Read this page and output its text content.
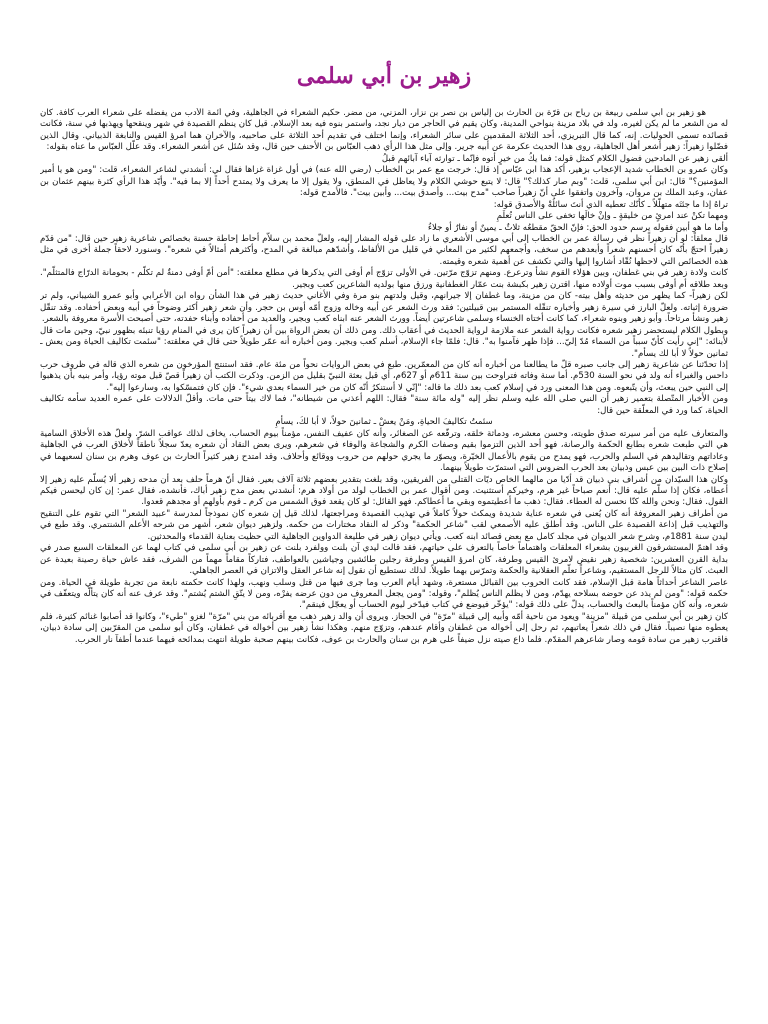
زهير بن أبي سلمى

هو زهير بن أبي سلمى ربيعة بن رياح بن قرّة بن الحارث بن إلياس بن نصر بن نزار، المزني، من مضر. حكيم الشعراء في الجاهلية، وفي أئمة الأدب من يفضله على شعراء العرب كافة. كان له من الشعر ما لم يكن لغيره، ولد في بلاد مزينة بنواحي المدينة، وكان يقيم في الحاجر من ديار نجد، واستمر بنوه فيه بعد الإسلام. قيل كان ينظم القصيدة في شهر وينقحها ويهذبها في سنة، فكانت قصائده تسمى الحوليات. إنه، كما قال التبريزي، أحد الثلاثة المقدمين على سائر الشعراء، وإنما اختلف في تقديم أحد الثلاثة على صاحبيه، والآخران هما امرؤ القيس والنابغة الذبياني. وقال الذين فضّلوا زهيراً: زهير أشعر أهل الجاهلية، روى هذا الحديث عكرمة عن أبيه جرير. وإلى مثل هذا الرأي ذهب العبّاس بن الأحنف حين قال، وقد سُئل عن أشعر الشعراء. وقد علّل العبّاس ما عناه بقوله:

ألقى زهير عن المادحين فضول الكلام كمثل قوله: فما يكُ من خيرٍ أتوه فإنّما ـ توارثه آباء آبائهم قبلُ

وكان عمرو بن الخطاب شديد الإعجاب بزهير، أكد هذا ابن عبّاس إذ قال: خرجت مع عمر بن الخطاب (رضي الله عنه) في أول غزاة غزاها فقال لي: أنشدني لشاعر الشعراء، قلت: "ومن هو يا أمير المؤمنين؟" قال: ابن أبي سلمى، قلت: "وبم صار كذلك؟" قال: لا يتبع حوشي الكلام ولا يعاظل في المنطق، ولا يقول إلا ما يعرف ولا يمتدح أحداً إلا بما فيه". وأيّد هذا الرأي كثرة بينهم عثمان بن عفان، وعبد الملك بن مروان، وآخرون واتفقوا على أنّ زهيراً صاحب "مدح بيت... وأصدق بيت... وأبين بيت". فالأمدح قوله:

تراهُ إذا ما جئتَه متهلّلاً ـ كأنّك تعطيه الذي أنتَ سائلُهْ والأصدق قوله:

ومهما تكنْ عند امرئٍ من خليقةٍ ـ وإنْ خالَها تخفى على الناس تُعلَمِ

وأما ما هو أبين فقوله يرسم حدود الحق: فإنّ الحقّ مقطعُه ثلاثٌ ـ يمينٌ أو نفارٌ أو جلاءُ

قال معلقاً: لو أن زهيراً نظر في رسالة عمر بن الخطاب إلى أبي موسى الأشعري ما زاد على قوله المشار إليه، ولعلّ محمد بن سلاّم أحاط إحاطة حسنة بخصائص شاعرية زهير حين قال: "من قدّم زهيراً احتجّ بأنّه كان أحسنهم شعراً وأبعدهم من سخف، وأجمعهم لكثير من المعاني في قليل من الألفاظ، وأشدّهم مبالغة في المدح، وأكثرهم أمثالاً في شعره". وسنورد لاحقاً جملة أخرى في مثل هذه الخصائص التي لاحظها نُقّاد أشاروا إليها والتي تكشف عن أهمية شعره وقيمته.

كانت ولادة زهير في بني غطفان، وبين هؤلاء القوم نشأ وترعرع. ومنهم تزوّج مرّتين. في الأولى تزوّج أم أوفى التي يذكرها في مطلع معلقته: "أمن أمّ أوفى دمنةٌ لم تكلّم - بحومانة الدرّاج فالمتثلّم". وبعد طلاقه أم أوفى بسبب موت أولاده منها، اقترن زهير بكبشة بنت عمّار الغطفانية ورزق منها بولديه الشاعرين كعب وبجير.

لكن زهيراً- كما يظهر من حديثه وأهل بيته- كان من مزينة، وما غطفان إلا جيرانهم، وقيل ولدتهم بنو مرة وفي الأغاني حديث زهير في هذا الشأن رواه ابن الأعرابي وأبو عمرو الشيباني، ولم تر ضرورة إثباته. ولعلّ البارز في سيرة زهير وأخباره تنقّله المستمر بين قبيلتين: فقد ورث الشعر عن أبيه وخاله وزوج أمّه أوس بن حجر. وأن شعر زهير أكثر وضوحاً في أبيه وبعض أحفاده. وقد تنقّل زهير ونشأ مرتاحاً. وأبو زهير وبنوه شعراء، كما كانت أختاه الخنساء وسلمى شاعرتين أيضاً. وورث الشعر عنه ابناه كعب وبجير، والعديد من أحفاده وأبناء حفدته، حتى أصبحت الأسرة معروفة بالشعر.

وبطول الكلام ليستحضر زهير شعره فكانت رواية الشعر عنه ملازمة لرواية الحديث في أعقاب ذلك. ومن ذلك أن بعض الرواة بين أن زهيراً كان يرى في المنام رؤيا تنبئه بظهور نبيّ، وحين مات قال لأبنائه: "إني رأيت كأنّ سبباً من السماء مُدّ إليّ... فإذا ظهر فآمنوا به". قال: فلمّا جاء الإسلام، أسلم كعب وبجير. ومن أخباره أنه عمّر طويلاً حتى قال في معلقته: "سئمت تكاليف الحياة ومن يعش ـ ثمانين حولاً لا أبا لك يسأم".

إذا تحدّثنا عن شاعرية زهير إلى جانب صبره قلّ ما يطالعنا من أخباره أنه كان من المعمّرين. طبع في بعض الروايات نحواً من مئة عام. فقد استنتج المؤرخون من شعره الذي قاله في ظروف حرب داحس والغبراء أنه ولد في نحو السنة 530م. أما سنة وفاته فتراوحت بين سنة 611م أو 627م، أي قبل بعثة النبيّ بقليل من الزمن. وذكرت الكتب أن زهيراً قصّ قبل موته رؤيا، وأمر بنيه بأن يذهبوا إلى النبي حين يبعث، وأن يتّبعوه. ومن هذا المعنى ورد في إسلام كعب بعد ذلك ما قاله: "إنّي لا أستنكرُ أنّه كان من خير السماء بعدي شيء". فإن كان فتمسّكوا به، وسارعوا إليه".

ومن الأخبار المتّصلة بتعمير زهير أن النبي صلى الله عليه وسلم نظر إليه "وله مائة سنة" فقال: اللهم أعذني من شيطانه"، فما لاك بيتاً حتى مات. وأقلّ الدلالات على عمره العديد سأمه تكاليف الحياة، كما ورد في المعلّقة حين قال:

سئمتُ تكاليفَ الحياةِ، ومَنْ يعشْ ـ ثمانينَ حولاً، لا أبا لكَ، يسأمِ

والمتعارف عليه من أمر سيرته صدق طويته، وحسن معشره، ودماثة خلقه، وترفّعه عن الصغائر، وأنه كان عفيف النفس، مؤمناً بيوم الحساب، يخاف لذلك عواقب الشرّ. ولعلّ هذه الأخلاق السامية هي التي طبعت شعره بطابع الحكمة والرصانة، فهو أحد الذين التزموا بقيم وصفات الكرم والشجاعة والوفاء في شعرهم، ويرى بعض النقاد أن شعره يعدّ سجلاً ناطقاً لأخلاق العرب في الجاهلية وعاداتهم وتقاليدهم في السلم والحرب، فهو يمدح من يقوم بالأعمال الخيّرة، ويصوّر ما يجري حولهم من حروب ووقائع وأحلاف. وقد امتدح زهير كثيراً الحارث بن عوف وهرم بن سنان لسعيهما في إصلاح ذات البين بين عبس وذبيان بعد الحرب الضروس التي استمرّت طويلاً بينهما.

وكان هذا السيّدان من أشراف بني ذبيان قد أدّيا من مالهما الخاص ديّات القتلى من الفريقين، وقد بلغت بتقدير بعضهم ثلاثة آلاف بعير. فقال أنّ هرماً حلف بعد أن مدحه زهير ألا يُسلّم عليه زهير إلا أعطاه، فكان إذا سلّم عليه قال: أنعم صباحاً غير هرم، وخيركم أستثنيت. ومن أقوال عمر بن الخطاب لولد من أولاد هرم: أنشدني بعض مدح زهير أباك، فأنشده، فقال عمر: إن كان ليحسن فيكم القول. فقال: ونحن والله كنّا نحسن له العطاء. فقال: ذهب ما أعطيتموه وبقي ما أعطاكم. فهو القائل: لو كان يقعد فوق الشمس من كرم ـ قوم بأولهم أو مجدهم قعدوا.

من أطراف زهير المعروفة أنه كان يُعنى في شعره عناية شديدة ويمكث حولاً كاملاً في تهذيب القصيدة ومراجعتها، لذلك قيل إن شعره كان نموذجاً لمدرسة "عبيد الشعر" التي تقوم على التنقيح والتهذيب قبل إذاعة القصيدة على الناس. وقد أطلق عليه الأصمعي لقب "شاعر الحكمة" وذكر له النقاد مختارات من حكمه. ولزهير ديوان شعر، أشهر من شرحه الأعلم الشنتمري. وقد طبع في ليدن سنة 1881م، وشرح شعر الديوان في مجلد كامل مع بعض قصائد ابنه كعب. ويأتي ديوان زهير في طليعة الدواوين الجاهلية التي حظيت بعناية القدماء والمحدثين.

وقد اهتمّ المستشرقون الغربيون بشعراء المعلقات واهتماماً خاصاً بالتعرف على حياتهم، فقد قالت ليدي آن بلنت وولفرد بلنت عن زهير بن أبي سلمى في كتاب لهما عن المعلقات السبع صدر في بداية القرن العشرين: شخصية زهير نقيض لامرئ القيس وطرفة، كان امرؤ القيس وطرفة رجلين طائشين وجياشين بالعواطف، فتاركاً مقاماً مهماً من الشرف، فقد عاش حياة رصينة بعيدة عن العبث. كان مثالاً للرجل المستقيم، وشاعراً تعلّم العقلانية والحكمة وتمرّس بهما طويلاً. لذلك نستطيع أن نقول إنه شاعر العقل والاتزان في العصر الجاهلي.

عاصر الشاعر أحداثاً هامة قبل الإسلام، فقد كانت الحروب بين القبائل مستعرة، وشهد أيام العرب وما جرى فيها من قتل وسلب ونهب، ولهذا كانت حكمته نابعة من تجربة طويلة في الحياة. ومن حكمه قوله: "ومن لم يذد عن حوضه بسلاحه يهدّم، ومن لا يظلم الناس يُظلم"، وقوله: "ومن يجعل المعروف من دون عرضه يفرْه، ومن لا يتّقِ الشتم يُشتم". وقد عرف عنه أنه كان يتألّه ويتعفّف في شعره، وأنه كان مؤمناً بالبعث والحساب، يدلّ على ذلك قوله: "يؤخّر فيوضع في كتاب فيدّخر ليوم الحساب أو يعجّل فينقم".

كان زهير بن أبي سلمى من قبيلة "مزينة" ويعود من ناحية أمّه وأبيه إلى قبيلة "مرّة" في الحجاز. ويروى أن والد زهير ذهب مع أقربائه من بني "مرّة" لغزو "طيء"، وكانوا قد أصابوا غنائم كثيرة، فلم يعطوه منها نصيباً. فقال في ذلك شعراً يعاتبهم، ثم رحل إلى أخواله من غطفان وأقام عندهم، وتزوّج منهم. وهكذا نشأ زهير بين أخواله في غطفان، وكان أبو سلمى من المقرّبين إلى سادة ذبيان، فاقترب زهير من سادة قومه وصار شاعرهم المقدّم. فلما ذاع صيته نزل ضيفاً على هرم بن سنان والحارث بن عوف، فكانت بينهم صحبة طويلة انتهت بمدائحه فيهما عندما أطفآ نار الحرب.
